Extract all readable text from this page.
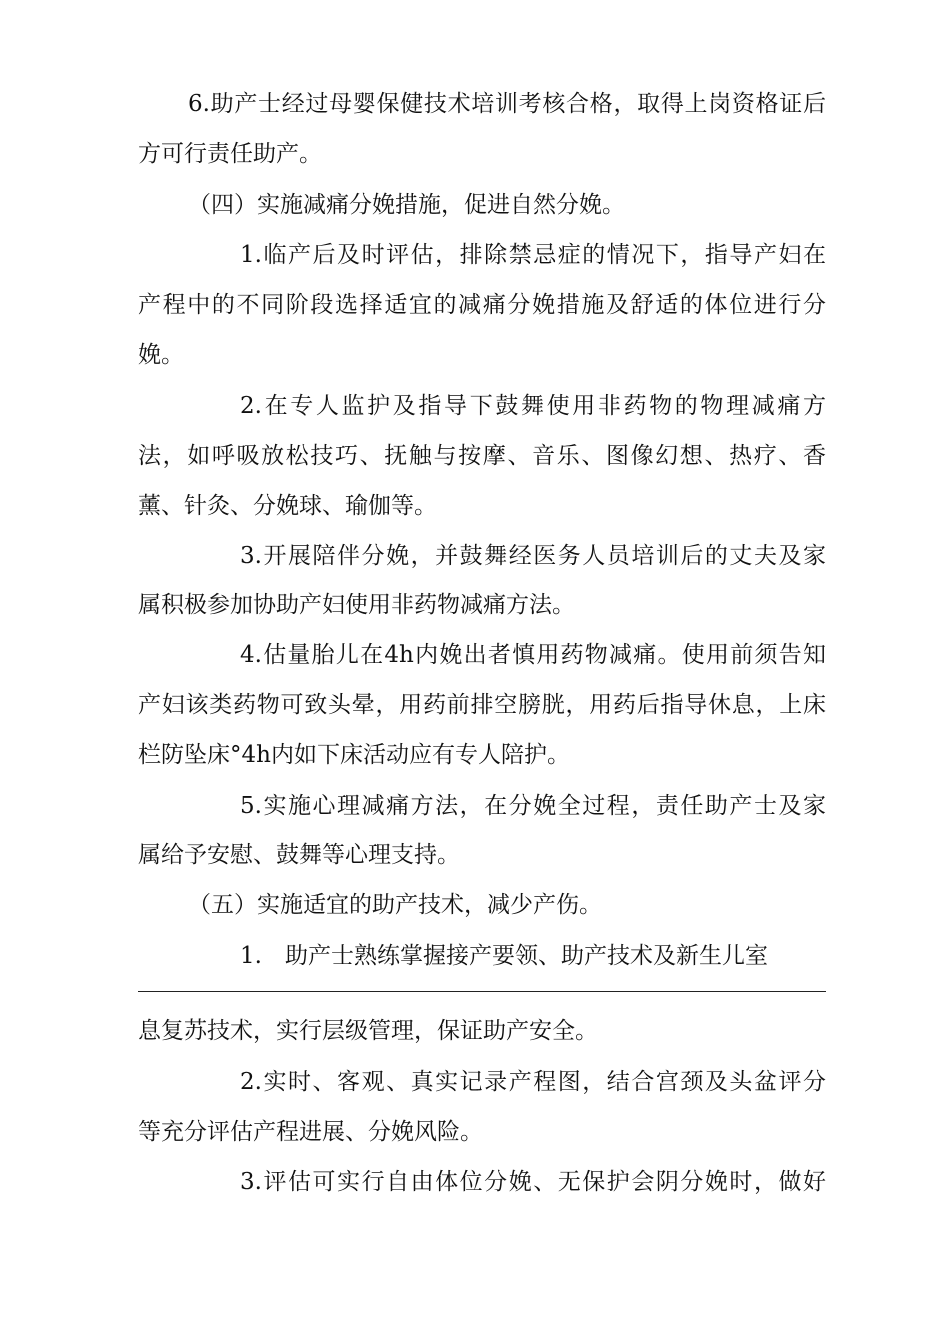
6.助产士经过母婴保健技术培训考核合格，取得上岗资格证后
方可行责任助产。
（四）实施减痛分娩措施，促进自然分娩。
1.临产后及时评估，排除禁忌症的情况下，指导产妇在
产程中的不同阶段选择适宜的减痛分娩措施及舒适的体位进行分
娩。
2.在专人监护及指导下鼓舞使用非药物的物理减痛方
法，如呼吸放松技巧、抚触与按摩、音乐、图像幻想、热疗、香
薰、针灸、分娩球、瑜伽等。
3.开展陪伴分娩，并鼓舞经医务人员培训后的丈夫及家
属积极参加协助产妇使用非药物减痛方法。
4.估量胎儿在4h内娩出者慎用药物减痛。使用前须告知
产妇该类药物可致头晕，用药前排空膀胱，用药后指导休息，上床
栏防坠床°4h内如下床活动应有专人陪护。
5.实施心理减痛方法，在分娩全过程，责任助产士及家
属给予安慰、鼓舞等心理支持。
（五）实施适宜的助产技术，减少产伤。
1.　助产士熟练掌握接产要领、助产技术及新生儿室
息复苏技术，实行层级管理，保证助产安全。
2.实时、客观、真实记录产程图，结合宫颈及头盆评分
等充分评估产程进展、分娩风险。
3.评估可实行自由体位分娩、无保护会阴分娩时，做好
